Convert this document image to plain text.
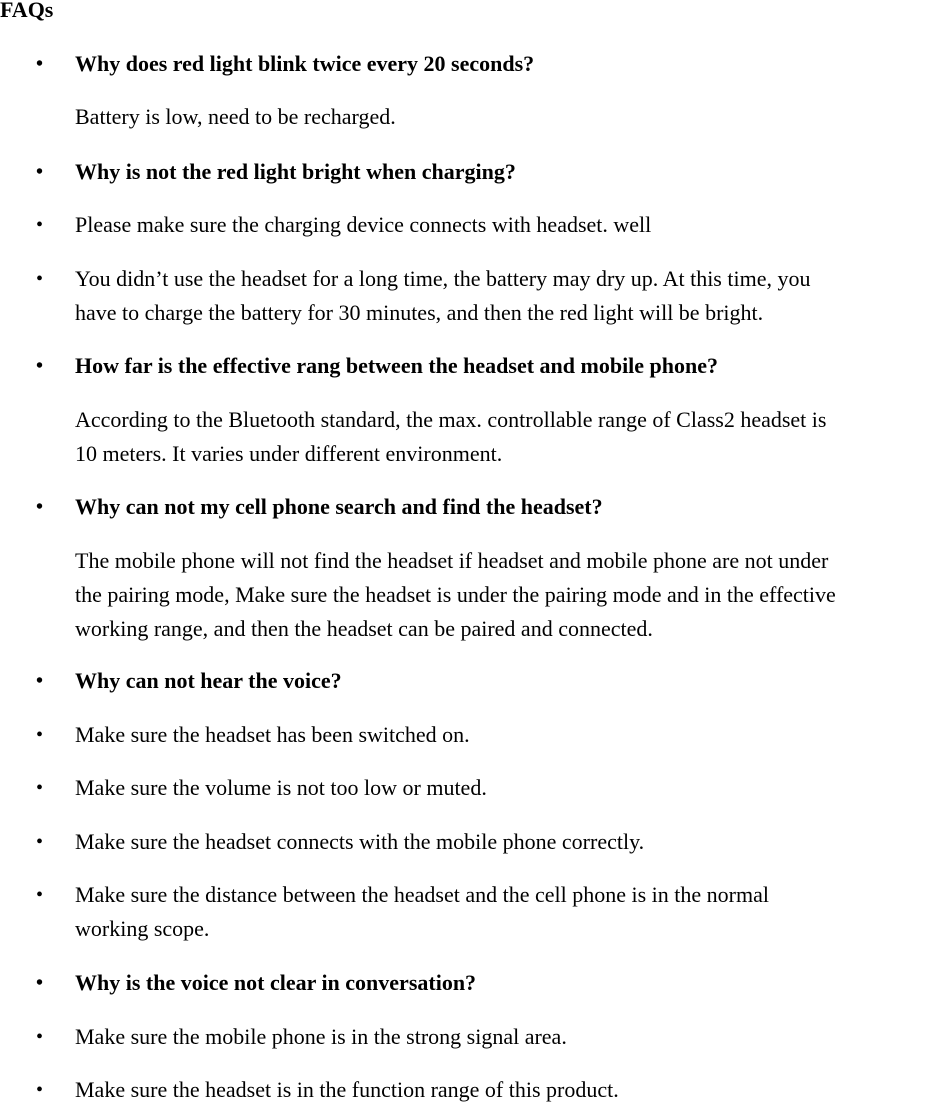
FAQs
• Why does red light blink twice every 20 seconds?
Battery is low, need to be recharged.
• Why is not the red light bright when charging?
• Please make sure the charging device connects with headset. well
• You didn’t use the headset for a long time, the battery may dry up. At this time, you
have to charge the battery for 30 minutes, and then the red light will be bright.
• How far is the effective rang between the headset and mobile phone?
According to the Bluetooth standard, the max. controllable range of Class2 headset is
10 meters. It varies under different environment.
• Why can not my cell phone search and find the headset?
The mobile phone will not find the headset if headset and mobile phone are not under
the pairing mode, Make sure the headset is under the pairing mode and in the effective
working range, and then the headset can be paired and connected.
• Why can not hear the voice?
• Make sure the headset has been switched on.
• Make sure the volume is not too low or muted.
• Make sure the headset connects with the mobile phone correctly.
• Make sure the distance between the headset and the cell phone is in the normal
working scope.
• Why is the voice not clear in conversation?
• Make sure the mobile phone is in the strong signal area.
• Make sure the headset is in the function range of this product.
